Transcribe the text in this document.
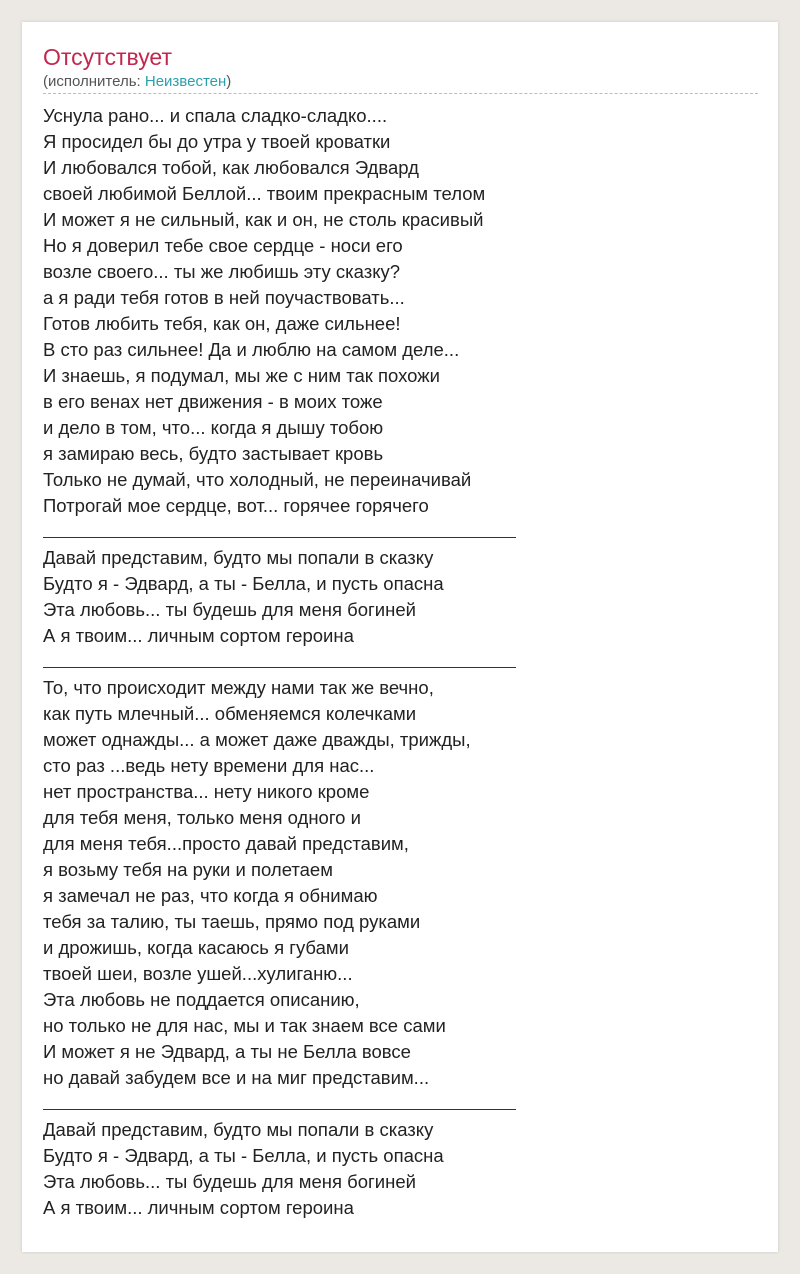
Отсутствует
(исполнитель: Неизвестен)
Уснула рано... и спала сладко-сладко....
Я просидел бы до утра у твоей кроватки
И любовался тобой, как любовался Эдвард
своей любимой Беллой... твоим прекрасным телом
И может я не сильный, как и он, не столь красивый
Но я доверил тебе свое сердце - носи его
возле своего... ты же любишь эту сказку?
а я ради тебя готов в ней поучаствовать...
Готов любить тебя, как он, даже сильнее!
В сто раз сильнее! Да и люблю на самом деле...
И знаешь, я подумал, мы же с ним так похожи
в его венах нет движения - в моих тоже
и дело в том, что... когда я дышу тобою
я замираю весь, будто застывает кровь
Только не думай, что холодный, не переиначивай
Потрогай мое сердце, вот... горячее горячего
Давай представим, будто мы попали в сказку
Будто я - Эдвард, а ты - Белла, и пусть опасна
Эта любовь... ты будешь для меня богиней
А я твоим... личным сортом героина
То, что происходит между нами так же вечно,
как путь млечный... обменяемся колечками
может однажды... а может даже дважды, трижды,
сто раз ...ведь нету времени для нас...
нет пространства... нету никого кроме
для тебя меня, только меня одного и
для меня тебя...просто давай представим,
я возьму тебя на руки и полетаем
я замечал не раз, что когда я обнимаю
тебя за талию, ты таешь, прямо под руками
и дрожишь, когда касаюсь я губами
твоей шеи, возле ушей...хулиганю...
Эта любовь не поддается описанию,
но только не для нас, мы и так знаем все сами
И может я не Эдвард, а ты не Белла вовсе
но давай забудем все и на миг представим...
Давай представим, будто мы попали в сказку
Будто я - Эдвард, а ты - Белла, и пусть опасна
Эта любовь... ты будешь для меня богиней
А я твоим... личным сортом героина
